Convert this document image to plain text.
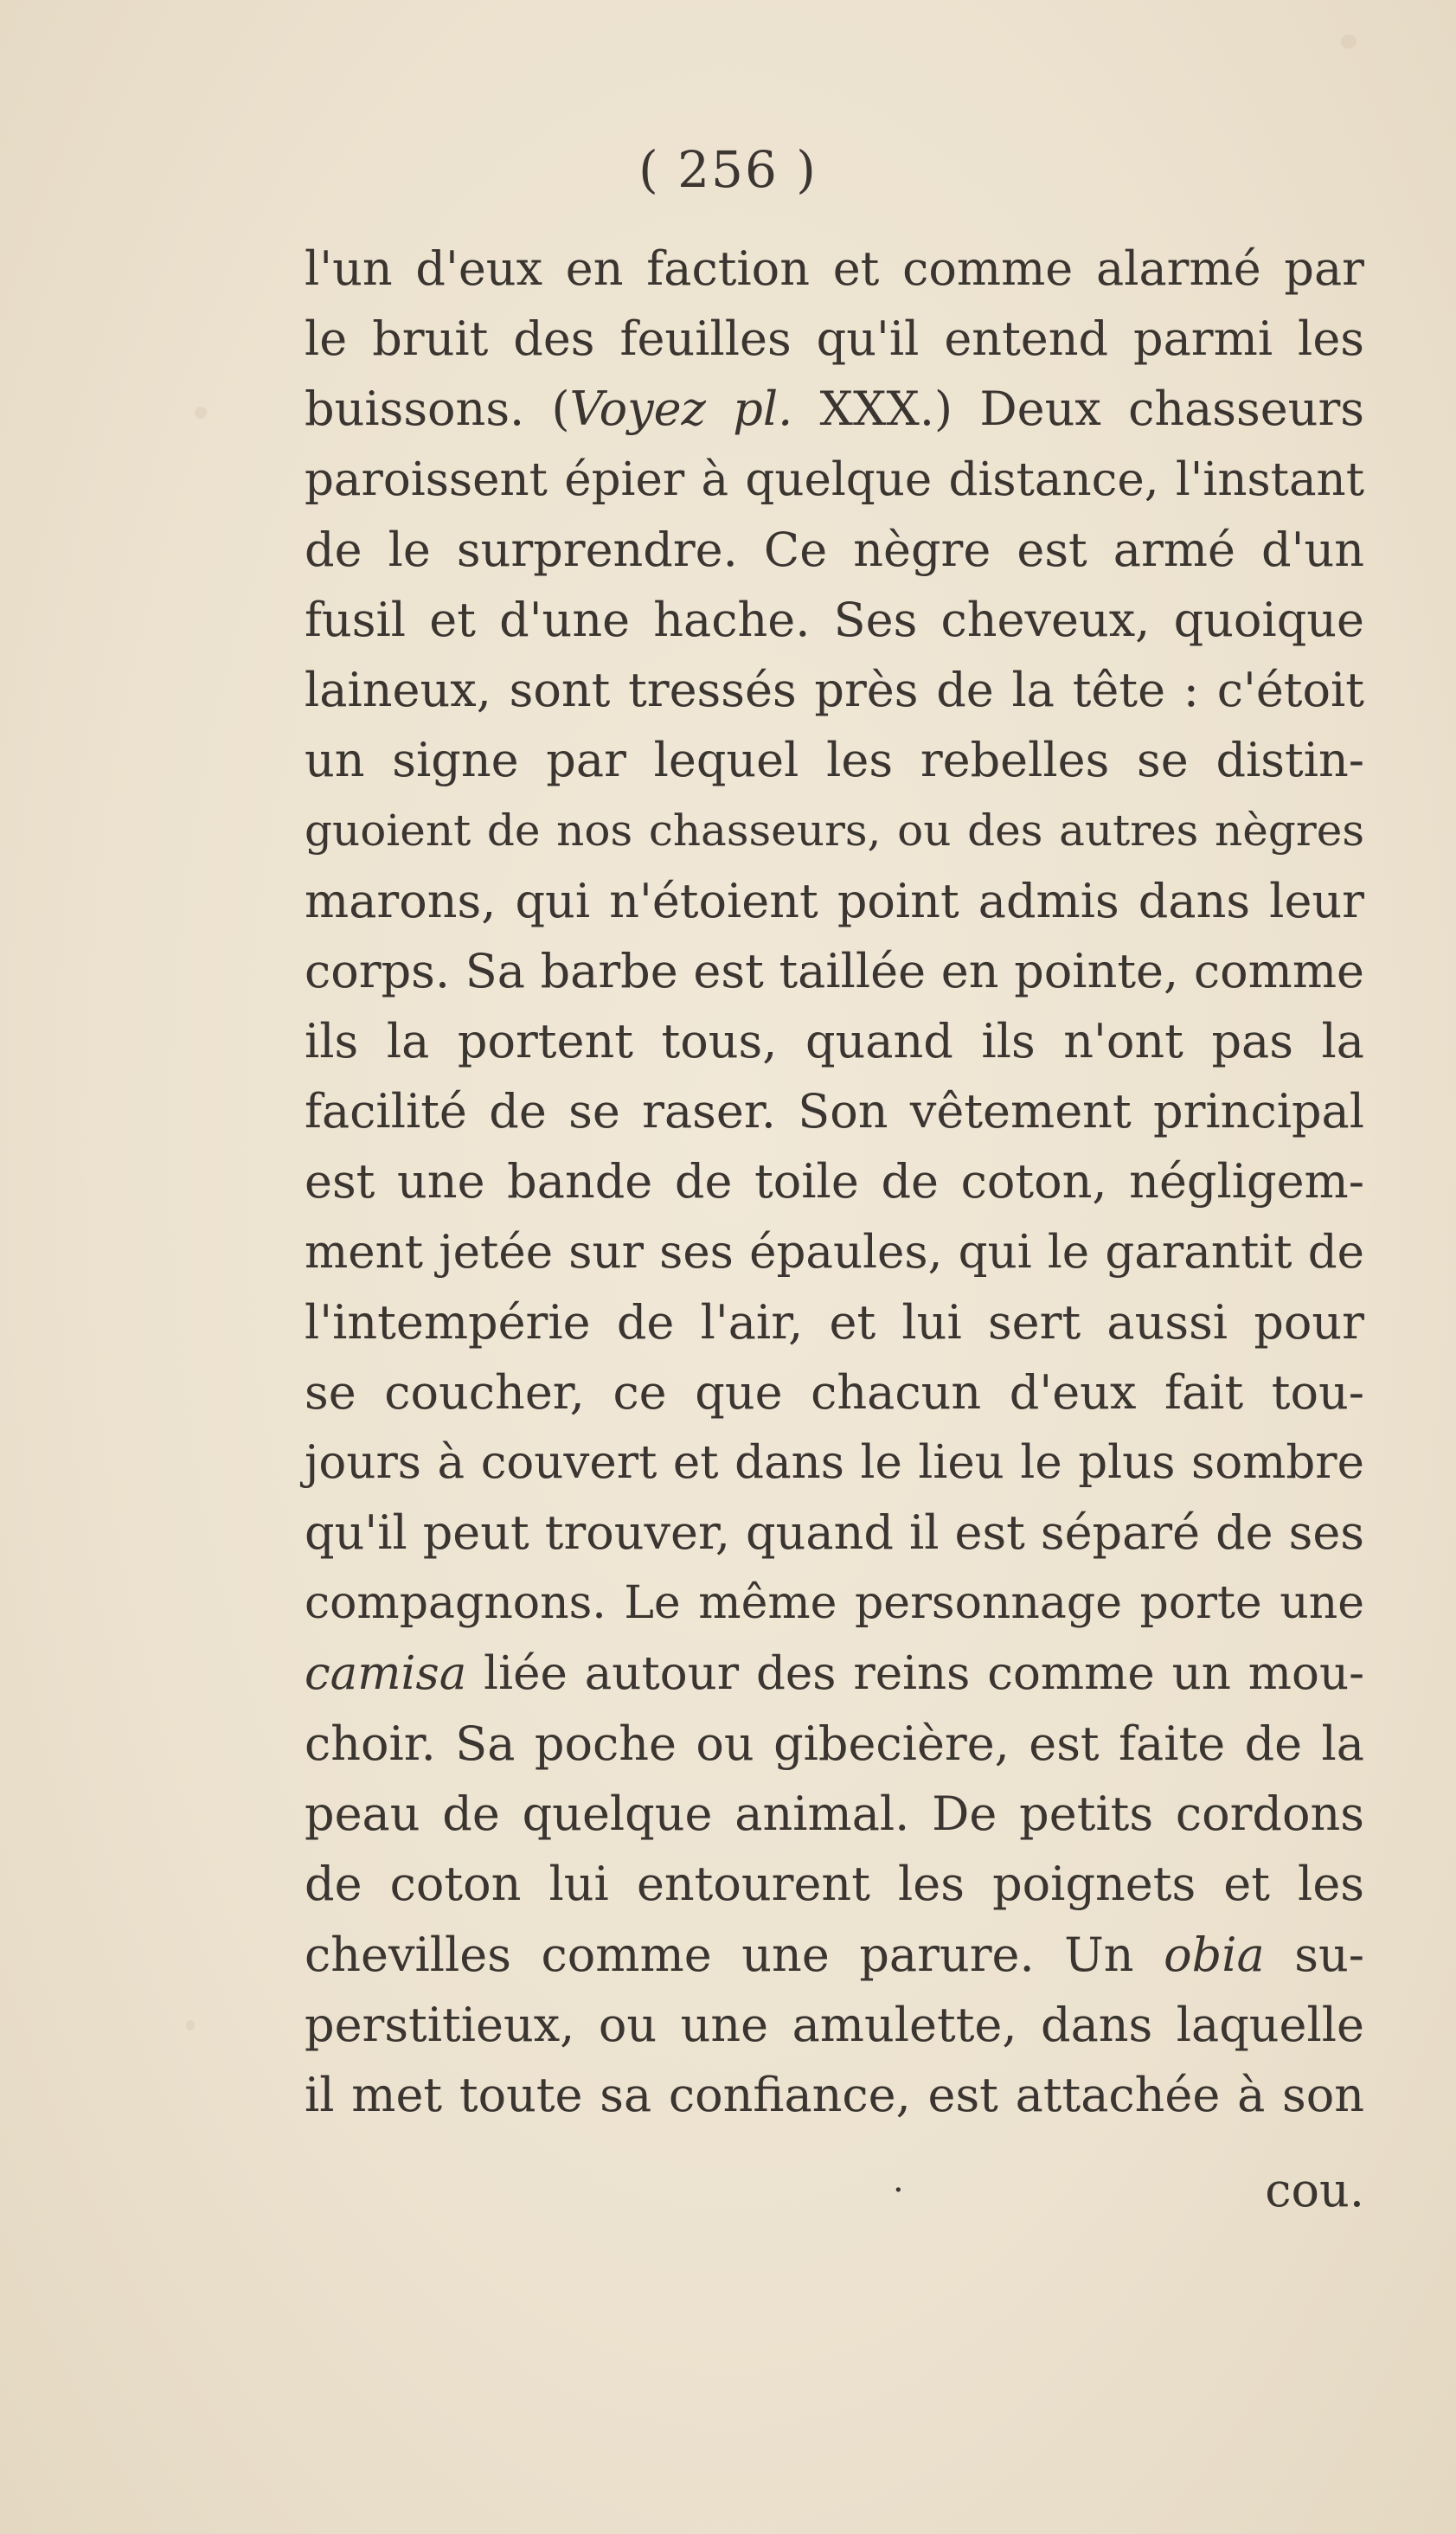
( 256 )
l'un d'eux en faction et comme alarmé par
le bruit des feuilles qu'il entend parmi les
buissons. (Voyez pl. XXX.) Deux chasseurs
paroissent épier à quelque distance, l'instant
de le surprendre. Ce nègre est armé d'un
fusil et d'une hache. Ses cheveux, quoique
laineux, sont tressés près de la tête : c'étoit
un signe par lequel les rebelles se distin-
guoient de nos chasseurs, ou des autres nègres
marons, qui n'étoient point admis dans leur
corps. Sa barbe est taillée en pointe, comme
ils la portent tous, quand ils n'ont pas la
facilité de se raser. Son vêtement principal
est une bande de toile de coton, négligem-
ment jetée sur ses épaules, qui le garantit de
l'intempérie de l'air, et lui sert aussi pour
se coucher, ce que chacun d'eux fait tou-
jours à couvert et dans le lieu le plus sombre
qu'il peut trouver, quand il est séparé de ses
compagnons. Le même personnage porte une
camisa liée autour des reins comme un mou-
choir. Sa poche ou gibecière, est faite de la
peau de quelque animal. De petits cordons
de coton lui entourent les poignets et les
chevilles comme une parure. Un obia su-
perstitieux, ou une amulette, dans laquelle
il met toute sa confiance, est attachée à son
·	cou.
